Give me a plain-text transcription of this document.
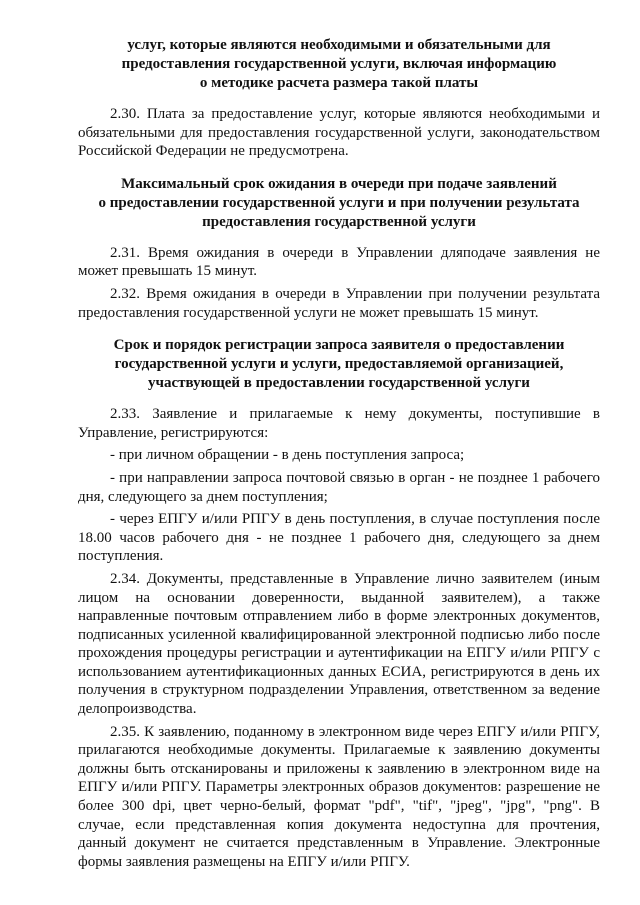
услуг, которые являются необходимыми и обязательными для
предоставления государственной услуги, включая информацию
о методике расчета размера такой платы

2.30. Плата за предоставление услуг, которые являются необходимыми и обязательными для предоставления государственной услуги, законодательством Российской Федерации не предусмотрена.

Максимальный срок ожидания в очереди при подаче заявлений
о предоставлении государственной услуги и при получении результата
предоставления государственной услуги

2.31. Время ожидания в очереди в Управлении дляподаче заявления не может превышать 15 минут.

2.32. Время ожидания в очереди в Управлении при получении результата предоставления государственной услуги не может превышать 15 минут.

Срок и порядок регистрации запроса заявителя о предоставлении
государственной услуги и услуги, предоставляемой организацией,
участвующей в предоставлении государственной услуги

2.33. Заявление и прилагаемые к нему документы, поступившие в Управление, регистрируются:

- при личном обращении - в день поступления запроса;

- при направлении запроса почтовой связью в орган - не позднее 1 рабочего дня, следующего за днем поступления;

- через ЕПГУ и/или РПГУ в день поступления, в случае поступления после 18.00 часов рабочего дня - не позднее 1 рабочего дня, следующего за днем поступления.

2.34. Документы, представленные в Управление лично заявителем (иным лицом на основании доверенности, выданной заявителем), а также направленные почтовым отправлением либо в форме электронных документов, подписанных усиленной квалифицированной электронной подписью либо после прохождения процедуры регистрации и аутентификации на ЕПГУ и/или РПГУ с использованием аутентификационных данных ЕСИА, регистрируются в день их получения в структурном подразделении Управления, ответственном за ведение делопроизводства.

2.35. К заявлению, поданному в электронном виде через ЕПГУ и/или РПГУ, прилагаются необходимые документы. Прилагаемые к заявлению документы должны быть отсканированы и приложены к заявлению в электронном виде на ЕПГУ и/или РПГУ. Параметры электронных образов документов: разрешение не более 300 dpi, цвет черно-белый, формат "pdf", "tif", "jpeg", "jpg", "png". В случае, если представленная копия документа недоступна для прочтения, данный документ не считается представленным в Управление. Электронные формы заявления размещены на ЕПГУ и/или РПГУ.
